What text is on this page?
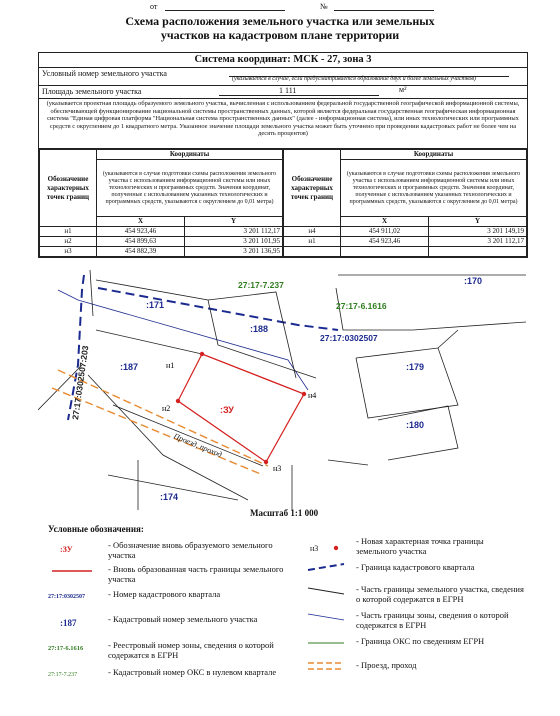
от	№
Схема расположения земельного участка или земельных
участков на кадастровом плане территории
Система координат: МСК - 27, зона 3
Условный номер земельного участка
(указывается в случае, если предусматривается образование двух и более земельных участков)
Площадь земельного участка	1 111	м²
(указывается проектная площадь образуемого земельного участка, вычисленная с использованием федеральной государственной географической информационной системы, обеспечивающей функционирование национальной системы пространственных данных, которой является федеральная государственная географическая информационная система "Единая цифровая платформа "Национальная система пространственных данных" (далее - информационная система), или иных технологических или программных средств с округлением до 1 квадратного метра. Указанное значение площади земельного участка может быть уточнено при проведении кадастровых работ не более чем на десять процентов)
Обозначение характерных точек границ	Координаты	
	(указываются в случае подготовки схемы расположения земельного участка с использованием информационной системы или иных технологических и программных средств. Значения координат, полученные с использованием указанных технологических и программных средств, указываются с округлением до 0,01 метра)	
	X	Y
н1	454 923,46	3 201 112,17
н2	454 899,63	3 201 101,95
н3	454 882,39	3 201 136,95
Обозначение характерных точек границ	Координаты	
	(указываются в случае подготовки схемы расположения земельного участка с использованием информационной системы или иных технологических и программных средств. Значения координат, полученные с использованием указанных технологических и программных средств, указываются с округлением до 0,01 метра)	
	X	Y
н4	454 911,02	3 201 149,19
н1	454 923,46	3 201 112,17

н1
н2
н3
н4
:171
:188
:170
:187	:179
:180
:174
:ЗУ
27:17:0302507
27:17-6.1616
27:17-7.237
27:17:0302507:203
Проезд, проход
Масштаб 1:1 000
Условные обозначения:
:ЗУ	- Обозначение вновь образуемого земельного участка
- Вновь образованная часть границы земельного участка
27:17:0302507	- Номер кадастрового квартала
:187	- Кадастровый номер земельного участка
27:17-6.1616	- Реестровый номер зоны, сведения о которой содержатся в ЕГРН
27:17-7.237	- Кадастровый номер ОКС в нулевом квартале
н3
- Новая характерная точка границы земельного участка
- Граница кадастрового квартала
- Часть границы земельного участка, сведения о которой содержатся в ЕГРН
- Часть границы зоны, сведения о которой содержатся в ЕГРН
- Граница ОКС по сведениям ЕГРН
- Проезд, проход
